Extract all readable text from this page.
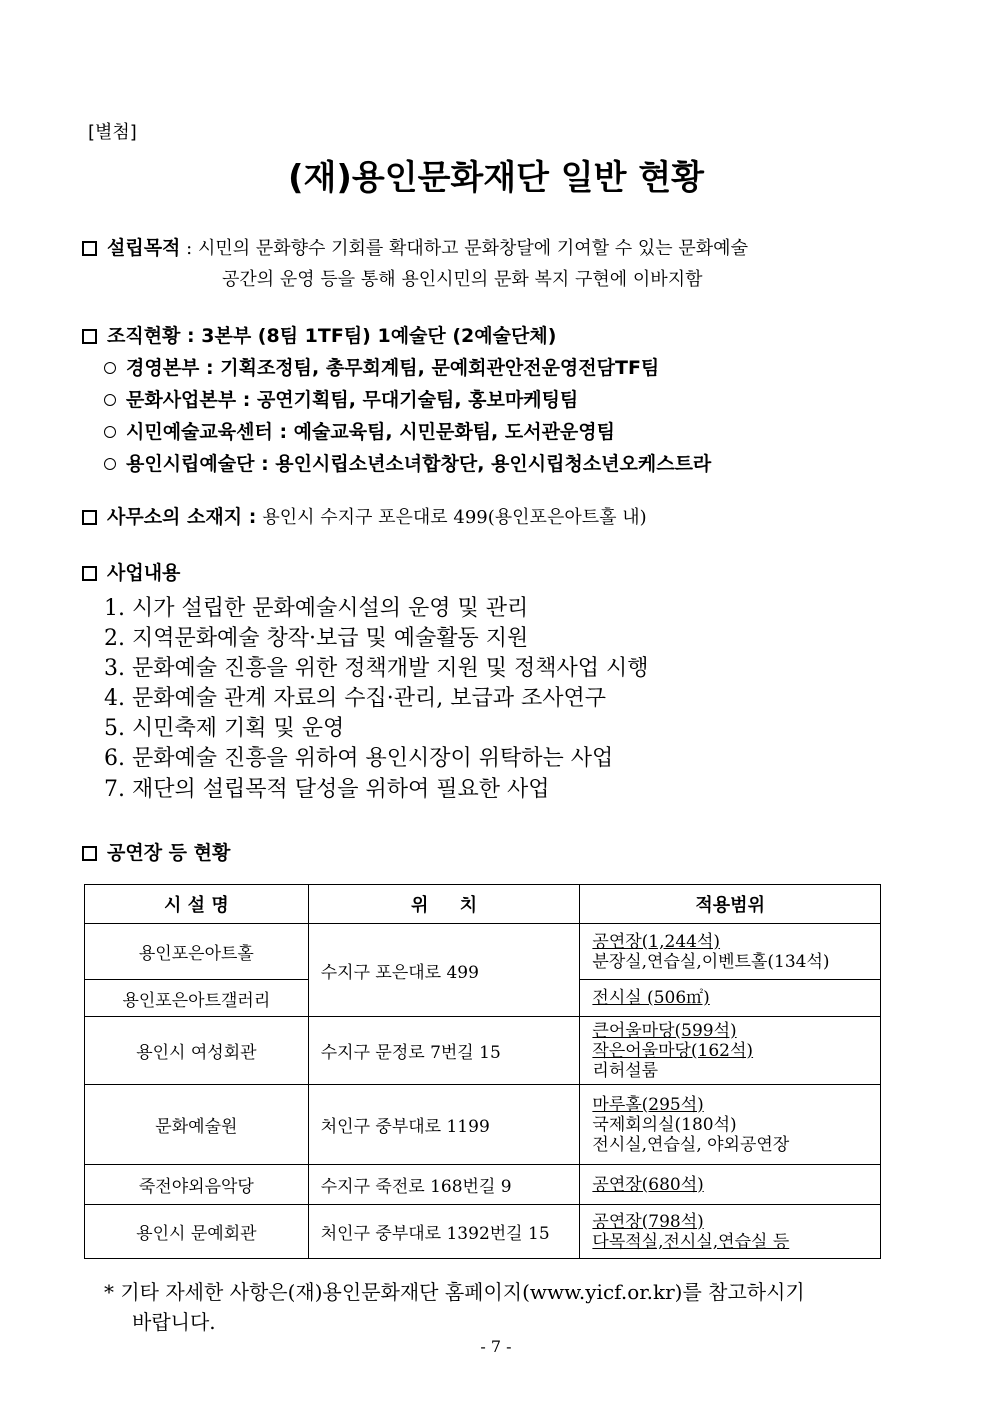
[별첨]
(재)용인문화재단 일반 현황
설립목적 : 시민의 문화향수 기회를 확대하고 문화창달에 기여할 수 있는 문화예술
공간의 운영 등을 통해 용인시민의 문화 복지 구현에 이바지함
조직현황 : 3본부 (8팀 1TF팀) 1예술단 (2예술단체)
경영본부 : 기획조정팀, 총무회계팀, 문예회관안전운영전담TF팀
문화사업본부 : 공연기획팀, 무대기술팀, 홍보마케팅팀
시민예술교육센터 : 예술교육팀, 시민문화팀, 도서관운영팀
용인시립예술단 : 용인시립소년소녀합창단, 용인시립청소년오케스트라
사무소의 소재지 : 용인시 수지구 포은대로 499(용인포은아트홀 내)
사업내용
1. 시가 설립한 문화예술시설의 운영 및 관리
2. 지역문화예술 창작·보급 및 예술활동 지원
3. 문화예술 진흥을 위한 정책개발 지원 및 정책사업 시행
4. 문화예술 관계 자료의 수집·관리, 보급과 조사연구
5. 시민축제 기획 및 운영
6. 문화예술 진흥을 위하여 용인시장이 위탁하는 사업
7. 재단의 설립목적 달성을 위하여 필요한 사업
공연장 등 현황
시 설 명	위     치	적용범위
용인포은아트홀	수지구 포은대로 499	공연장(1,244석)
분장실,연습실,이벤트홀(134석)

용인포은아트갤러리		전시실 (506㎡)

용인시 여성회관	수지구 문정로 7번길 15	큰어울마당(599석)
작은어울마당(162석)
리허설룸

문화예술원	처인구 중부대로 1199	마루홀(295석)
국제회의실(180석)
전시실,연습실, 야외공연장

죽전야외음악당	수지구 죽전로 168번길 9	공연장(680석)

용인시 문예회관	처인구 중부대로 1392번길 15	공연장(798석)
다목적실,전시실,연습실 등
* 기타 자세한 사항은(재)용인문화재단 홈페이지(www.yicf.or.kr)를 참고하시기
바랍니다.
- 7 -
